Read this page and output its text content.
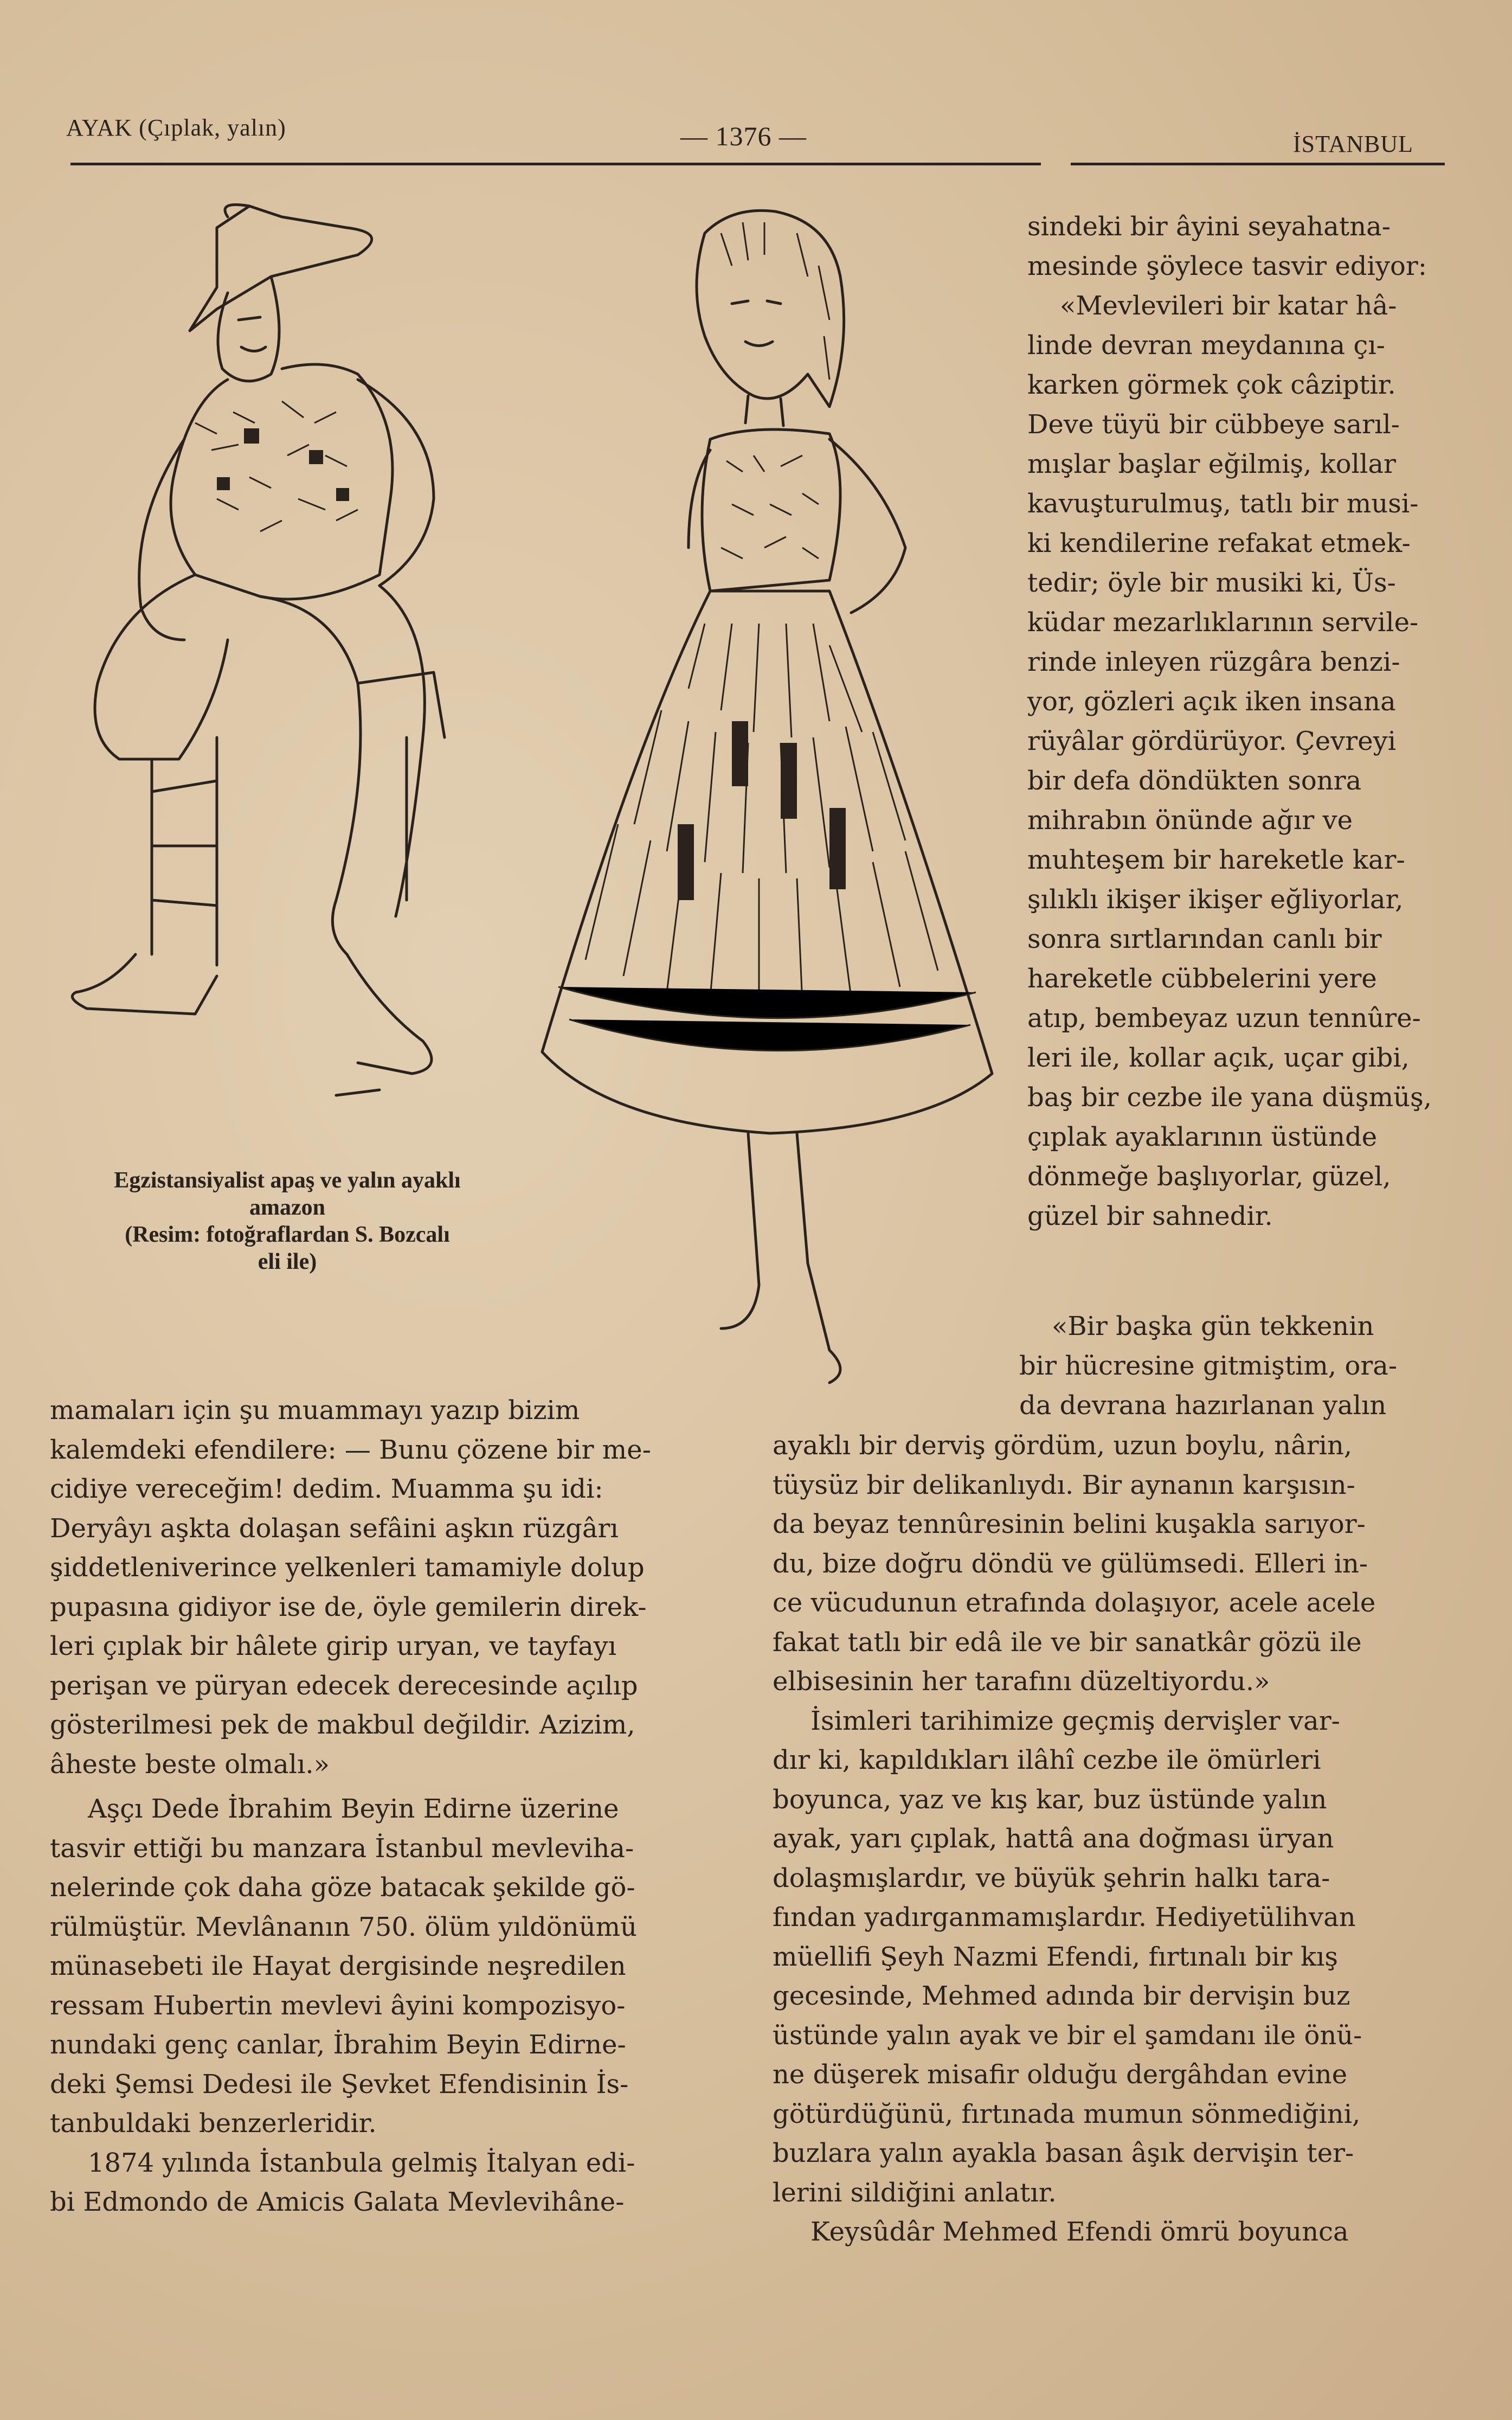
AYAK (Çıplak, yalın)	— 1376 —	İSTANBUL

Egzistansiyalist apaş ve yalın ayaklı

amazon

(Resim: fotoğraflardan S. Bozcalı

eli ile)

sindeki bir âyini seyahatna-

mesinde şöylece tasvir ediyor:

«Mevlevileri bir katar hâ-

linde devran meydanına çı-

karken görmek çok câziptir.

Deve tüyü bir cübbeye sarıl-

mışlar başlar eğilmiş, kollar

kavuşturulmuş, tatlı bir musi-

ki kendilerine refakat etmek-

tedir; öyle bir musiki ki, Üs-

küdar mezarlıklarının servile-

rinde inleyen rüzgâra benzi-

yor, gözleri açık iken insana

rüyâlar gördürüyor. Çevreyi

bir defa döndükten sonra

mihrabın önünde ağır ve

muhteşem bir hareketle kar-

şılıklı ikişer ikişer eğliyorlar,

sonra sırtlarından canlı bir

hareketle cübbelerini yere

atıp, bembeyaz uzun tennûre-

leri ile, kollar açık, uçar gibi,

baş bir cezbe ile yana düşmüş,

çıplak ayaklarının üstünde

dönmeğe başlıyorlar, güzel,

güzel bir sahnedir.

«Bir başka gün tekkenin

bir hücresine gitmiştim, ora-

da devrana hazırlanan yalın

mamaları için şu muammayı yazıp bizim

kalemdeki efendilere: — Bunu çözene bir me-

cidiye vereceğim! dedim. Muamma şu idi:

Deryâyı aşkta dolaşan sefâini aşkın rüzgârı

şiddetleniverince yelkenleri tamamiyle dolup

pupasına gidiyor ise de, öyle gemilerin direk-

leri çıplak bir hâlete girip uryan, ve tayfayı

perişan ve püryan edecek derecesinde açılıp

gösterilmesi pek de makbul değildir. Azizim,

âheste beste olmalı.»

Aşçı Dede İbrahim Beyin Edirne üzerine

tasvir ettiği bu manzara İstanbul mevleviha-

nelerinde çok daha göze batacak şekilde gö-

rülmüştür. Mevlânanın 750. ölüm yıldönümü

münasebeti ile Hayat dergisinde neşredilen

ressam Hubertin mevlevi âyini kompozisyo-

nundaki genç canlar, İbrahim Beyin Edirne-

deki Şemsi Dedesi ile Şevket Efendisinin İs-

tanbuldaki benzerleridir.

1874 yılında İstanbula gelmiş İtalyan edi-

bi Edmondo de Amicis Galata Mevlevihâne-

ayaklı bir derviş gördüm, uzun boylu, nârin,

tüysüz bir delikanlıydı. Bir aynanın karşısın-

da beyaz tennûresinin belini kuşakla sarıyor-

du, bize doğru döndü ve gülümsedi. Elleri in-

ce vücudunun etrafında dolaşıyor, acele acele

fakat tatlı bir edâ ile ve bir sanatkâr gözü ile

elbisesinin her tarafını düzeltiyordu.»

İsimleri tarihimize geçmiş dervişler var-

dır ki, kapıldıkları ilâhî cezbe ile ömürleri

boyunca, yaz ve kış kar, buz üstünde yalın

ayak, yarı çıplak, hattâ ana doğması üryan

dolaşmışlardır, ve büyük şehrin halkı tara-

fından yadırganmamışlardır. Hediyetülihvan

müellifi Şeyh Nazmi Efendi, fırtınalı bir kış

gecesinde, Mehmed adında bir dervişin buz

üstünde yalın ayak ve bir el şamdanı ile önü-

ne düşerek misafir olduğu dergâhdan evine

götürdüğünü, fırtınada mumun sönmediğini,

buzlara yalın ayakla basan âşık dervişin ter-

lerini sildiğini anlatır.

Keysûdâr Mehmed Efendi ömrü boyunca
